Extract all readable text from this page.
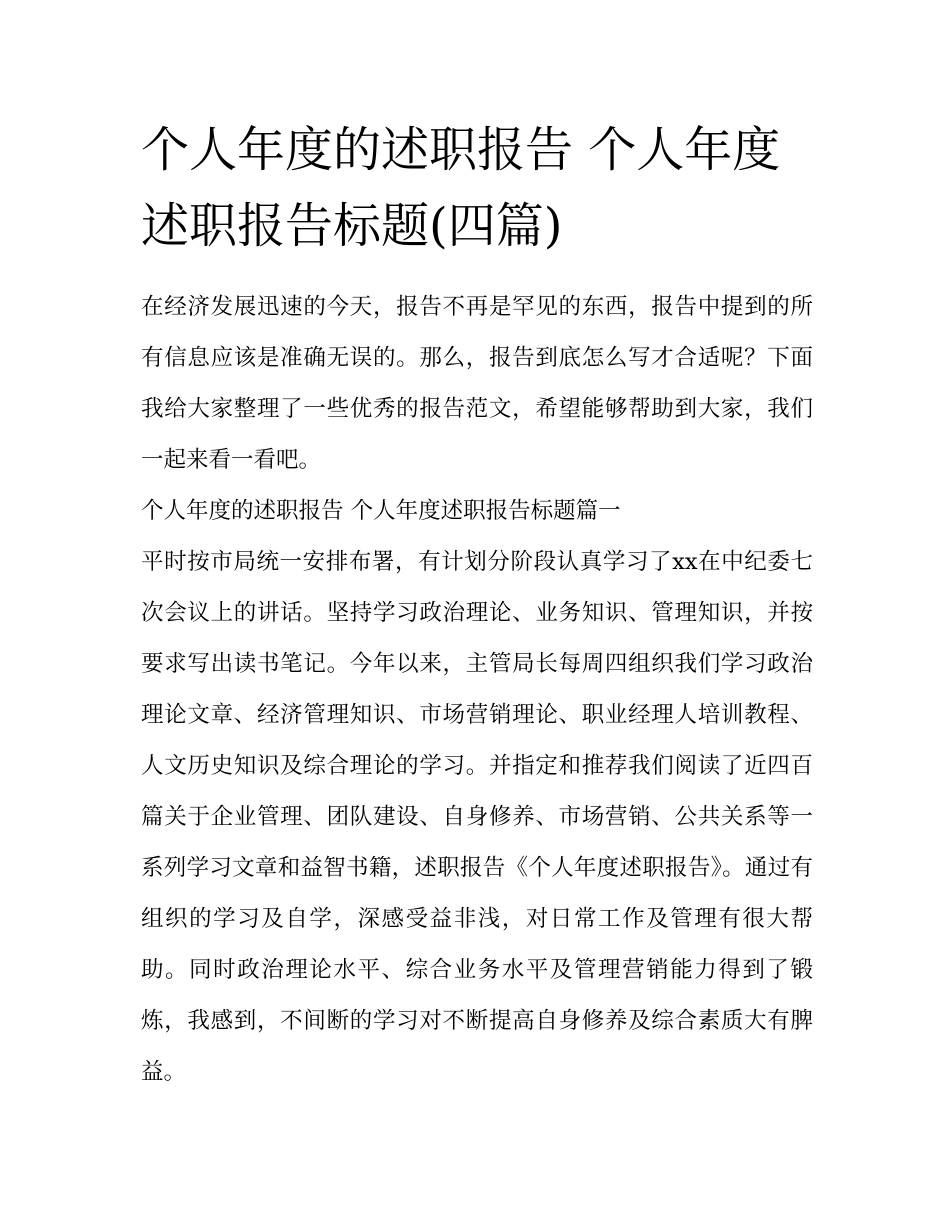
个人年度的述职报告 个人年度述职报告标题(四篇)

在经济发展迅速的今天，报告不再是罕见的东西，报告中提到的所有信息应该是准确无误的。那么，报告到底怎么写才合适呢？下面我给大家整理了一些优秀的报告范文，希望能够帮助到大家，我们一起来看一看吧。

个人年度的述职报告 个人年度述职报告标题篇一

平时按市局统一安排布署，有计划分阶段认真学习了xx在中纪委七次会议上的讲话。坚持学习政治理论、业务知识、管理知识，并按要求写出读书笔记。今年以来，主管局长每周四组织我们学习政治理论文章、经济管理知识、市场营销理论、职业经理人培训教程、人文历史知识及综合理论的学习。并指定和推荐我们阅读了近四百篇关于企业管理、团队建设、自身修养、市场营销、公共关系等一系列学习文章和益智书籍，述职报告《个人年度述职报告》。通过有组织的学习及自学，深感受益非浅，对日常工作及管理有很大帮助。同时政治理论水平、综合业务水平及管理营销能力得到了锻炼，我感到，不间断的学习对不断提高自身修养及综合素质大有脾益。
